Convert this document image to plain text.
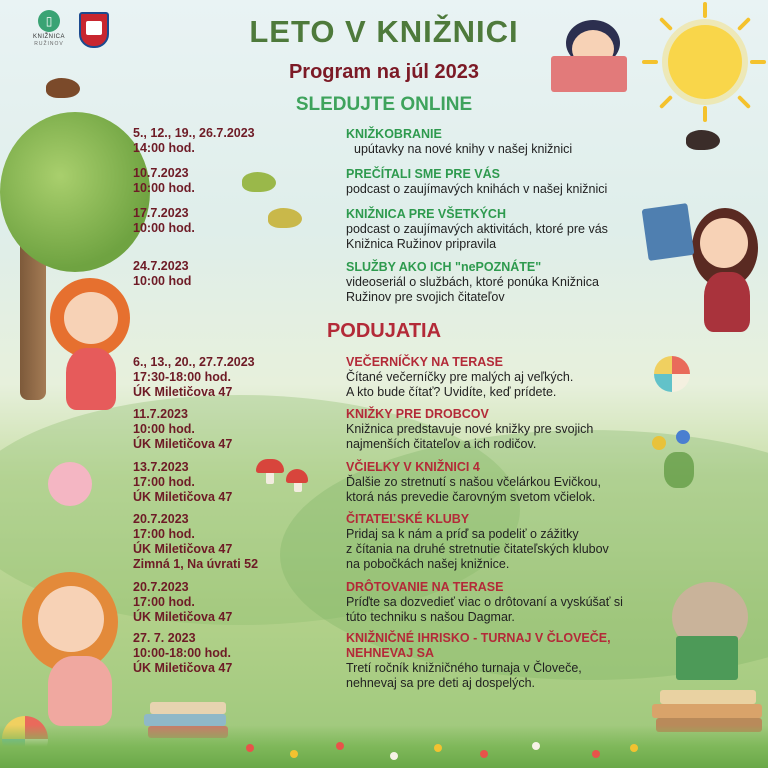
▯
KNIŽNICA
RUŽINOV	LETO V KNIŽNICI
Program na júl 2023
SLEDUJTE ONLINE
PODUJATIA
5., 12., 19., 26.7.2023
14:00 hod.
KNIŽKOBRANIE
upútavky na nové knihy v našej knižnici
10.7.2023
10:00 hod.
PREČÍTALI SME PRE VÁS
podcast o zaujímavých knihách v našej knižnici
17.7.2023
10:00 hod.
KNIŽNICA PRE VŠETKÝCH
podcast o zaujímavých aktivitách, ktoré pre vás
Knižnica Ružinov pripravila
24.7.2023
10:00 hod
SLUŽBY AKO ICH "nePOZNÁTE"
videoseriál o službách, ktoré ponúka Knižnica
Ružinov pre svojich čitateľov
6., 13., 20., 27.7.2023
17:30-18:00 hod.
ÚK Miletičova 47
VEČERNÍČKY NA TERASE
Čítané večerníčky pre malých aj veľkých.
A kto bude čítať? Uvidíte, keď prídete.
11.7.2023
10:00 hod.
ÚK Miletičova 47
KNIŽKY PRE DROBCOV
Knižnica predstavuje nové knižky pre svojich
najmenších čitateľov a ich rodičov.
13.7.2023
17:00 hod.
ÚK Miletičova 47
VČIELKY V KNIŽNICI 4
Ďalšie zo stretnutí s našou včelárkou Evičkou,
ktorá nás prevedie čarovným svetom včielok.
20.7.2023
17:00 hod.
ÚK Miletičova 47
Zimná 1, Na úvrati 52
ČITATEĽSKÉ KLUBY
Pridaj sa k nám a príď sa podeliť o zážitky
z čítania na druhé stretnutie čitateľských klubov
na pobočkách našej knižnice.
20.7.2023
17:00 hod.
ÚK Miletičova 47
DRÔTOVANIE NA TERASE
Príďte sa dozvedieť viac o drôtovaní a vyskúšať si
túto techniku s našou Dagmar.
27. 7. 2023
10:00-18:00 hod.
ÚK Miletičova 47
KNIŽNIČNÉ IHRISKO - TURNAJ V ČLOVEČE,
NEHNEVAJ SA
Tretí ročník knižničného turnaja v Človeče,
nehnevaj sa pre deti aj dospelých.
